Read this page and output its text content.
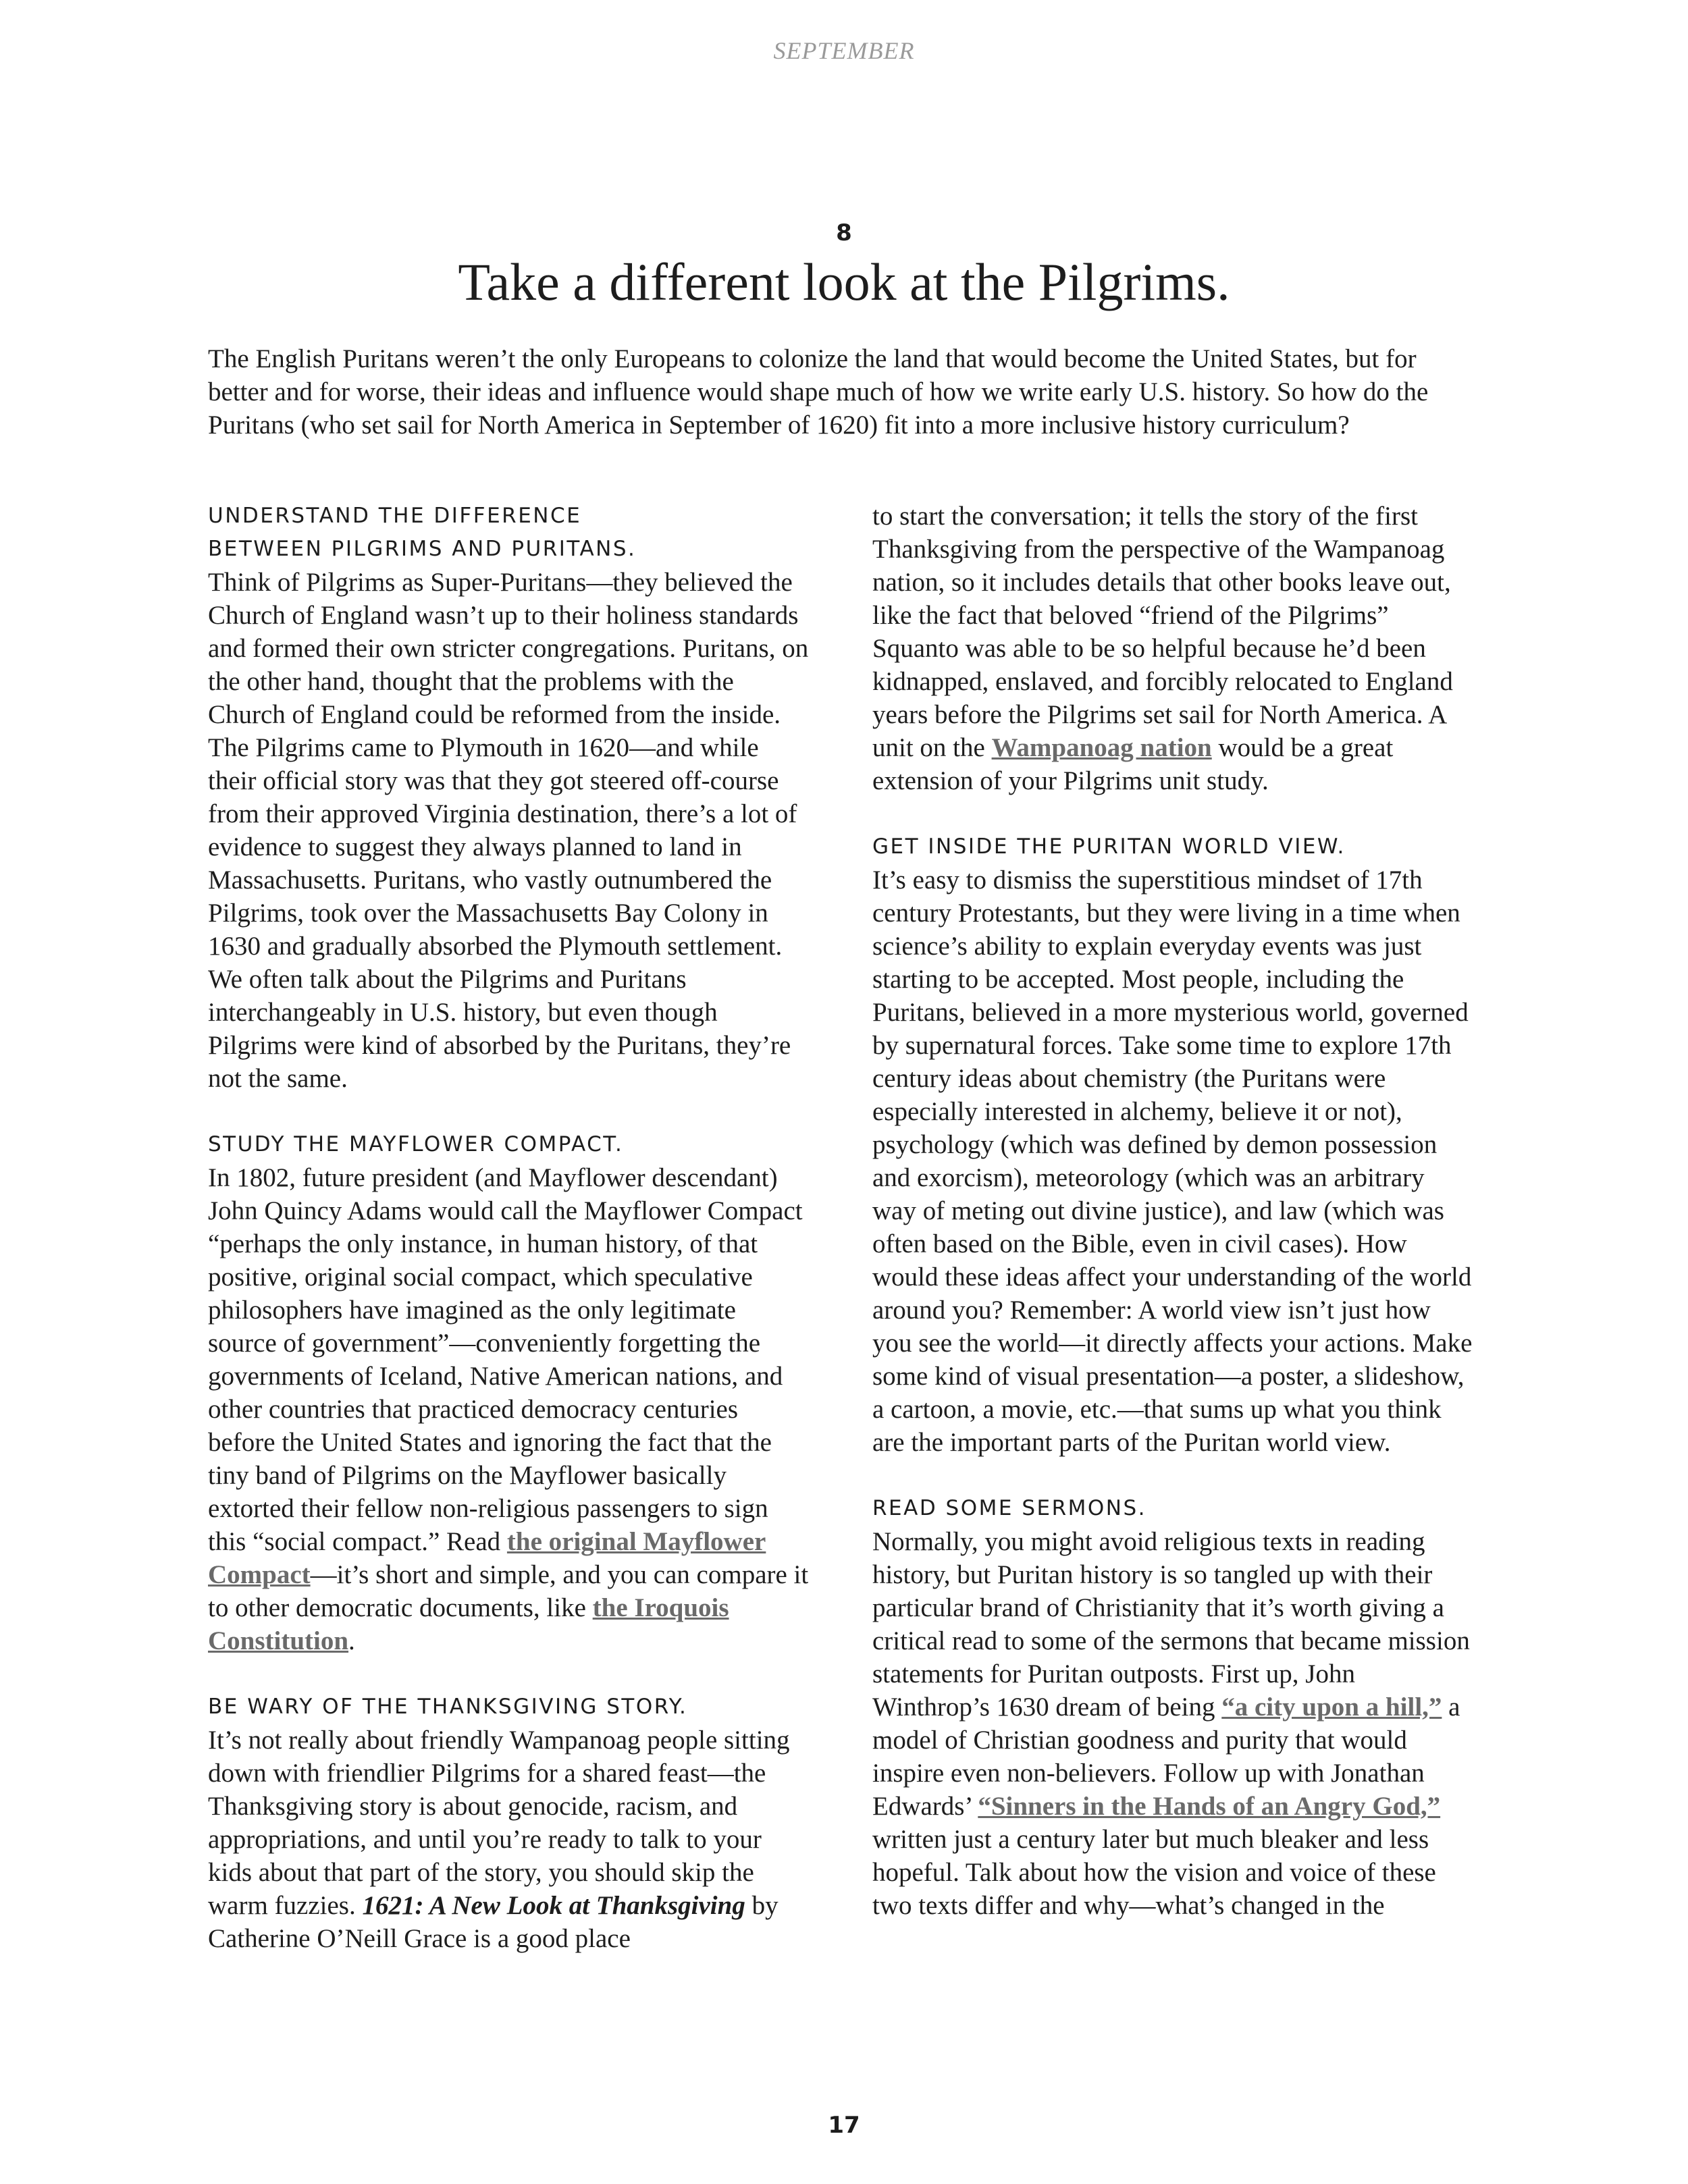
SEPTEMBER
8
Take a different look at the Pilgrims.

The English Puritans weren’t the only Europeans to colonize the land that would become the United States, but for better and for worse, their ideas and influence would shape much of how we write early U.S. history. So how do the Puritans (who set sail for North America in September of 1620) fit into a more inclusive history curriculum?

UNDERSTAND THE DIFFERENCE BETWEEN PILGRIMS AND PURITANS.

Think of Pilgrims as Super-Puritans—they believed the Church of England wasn’t up to their holiness standards and formed their own stricter congregations. Puritans, on the other hand, thought that the problems with the Church of England could be reformed from the inside. The Pilgrims came to Plymouth in 1620—and while their official story was that they got steered off-course from their approved Virginia destination, there’s a lot of evidence to suggest they always planned to land in Massachusetts. Puritans, who vastly outnumbered the Pilgrims, took over the Massachusetts Bay Colony in 1630 and gradually absorbed the Plymouth settlement. We often talk about the Pilgrims and Puritans interchangeably in U.S. history, but even though Pilgrims were kind of absorbed by the Puritans, they’re not the same.

STUDY THE MAYFLOWER COMPACT.

In 1802, future president (and Mayflower descendant) John Quincy Adams would call the Mayflower Compact “perhaps the only instance, in human history, of that positive, original social compact, which speculative philosophers have imagined as the only legitimate source of government”—conveniently forgetting the governments of Iceland, Native American nations, and other countries that practiced democracy centuries before the United States and ignoring the fact that the tiny band of Pilgrims on the Mayflower basically extorted their fellow non-religious passengers to sign this “social compact.” Read the original Mayflower Compact—it’s short and simple, and you can compare it to other democratic documents, like the Iroquois Constitution.

BE WARY OF THE THANKSGIVING STORY.

It’s not really about friendly Wampanoag people sitting down with friendlier Pilgrims for a shared feast—the Thanksgiving story is about genocide, racism, and appropriations, and until you’re ready to talk to your kids about that part of the story, you should skip the warm fuzzies. 1621: A New Look at Thanksgiving by Catherine O’Neill Grace is a good place

to start the conversation; it tells the story of the first Thanksgiving from the perspective of the Wampanoag nation, so it includes details that other books leave out, like the fact that beloved “friend of the Pilgrims” Squanto was able to be so helpful because he’d been kidnapped, enslaved, and forcibly relocated to England years before the Pilgrims set sail for North America. A unit on the Wampanoag nation would be a great extension of your Pilgrims unit study.

GET INSIDE THE PURITAN WORLD VIEW.

It’s easy to dismiss the superstitious mindset of 17th century Protestants, but they were living in a time when science’s ability to explain everyday events was just starting to be accepted. Most people, including the Puritans, believed in a more mysterious world, governed by supernatural forces. Take some time to explore 17th century ideas about chemistry (the Puritans were especially interested in alchemy, believe it or not), psychology (which was defined by demon possession and exorcism), meteorology (which was an arbitrary way of meting out divine justice), and law (which was often based on the Bible, even in civil cases). How would these ideas affect your understanding of the world around you? Remember: A world view isn’t just how you see the world—it directly affects your actions. Make some kind of visual presentation—a poster, a slideshow, a cartoon, a movie, etc.—that sums up what you think are the important parts of the Puritan world view.

READ SOME SERMONS.

Normally, you might avoid religious texts in reading history, but Puritan history is so tangled up with their particular brand of Christianity that it’s worth giving a critical read to some of the sermons that became mission statements for Puritan outposts. First up, John Winthrop’s 1630 dream of being “a city upon a hill,” a model of Christian goodness and purity that would inspire even non-believers. Follow up with Jonathan Edwards’ “Sinners in the Hands of an Angry God,” written just a century later but much bleaker and less hopeful. Talk about how the vision and voice of these two texts differ and why—what’s changed in the

17
